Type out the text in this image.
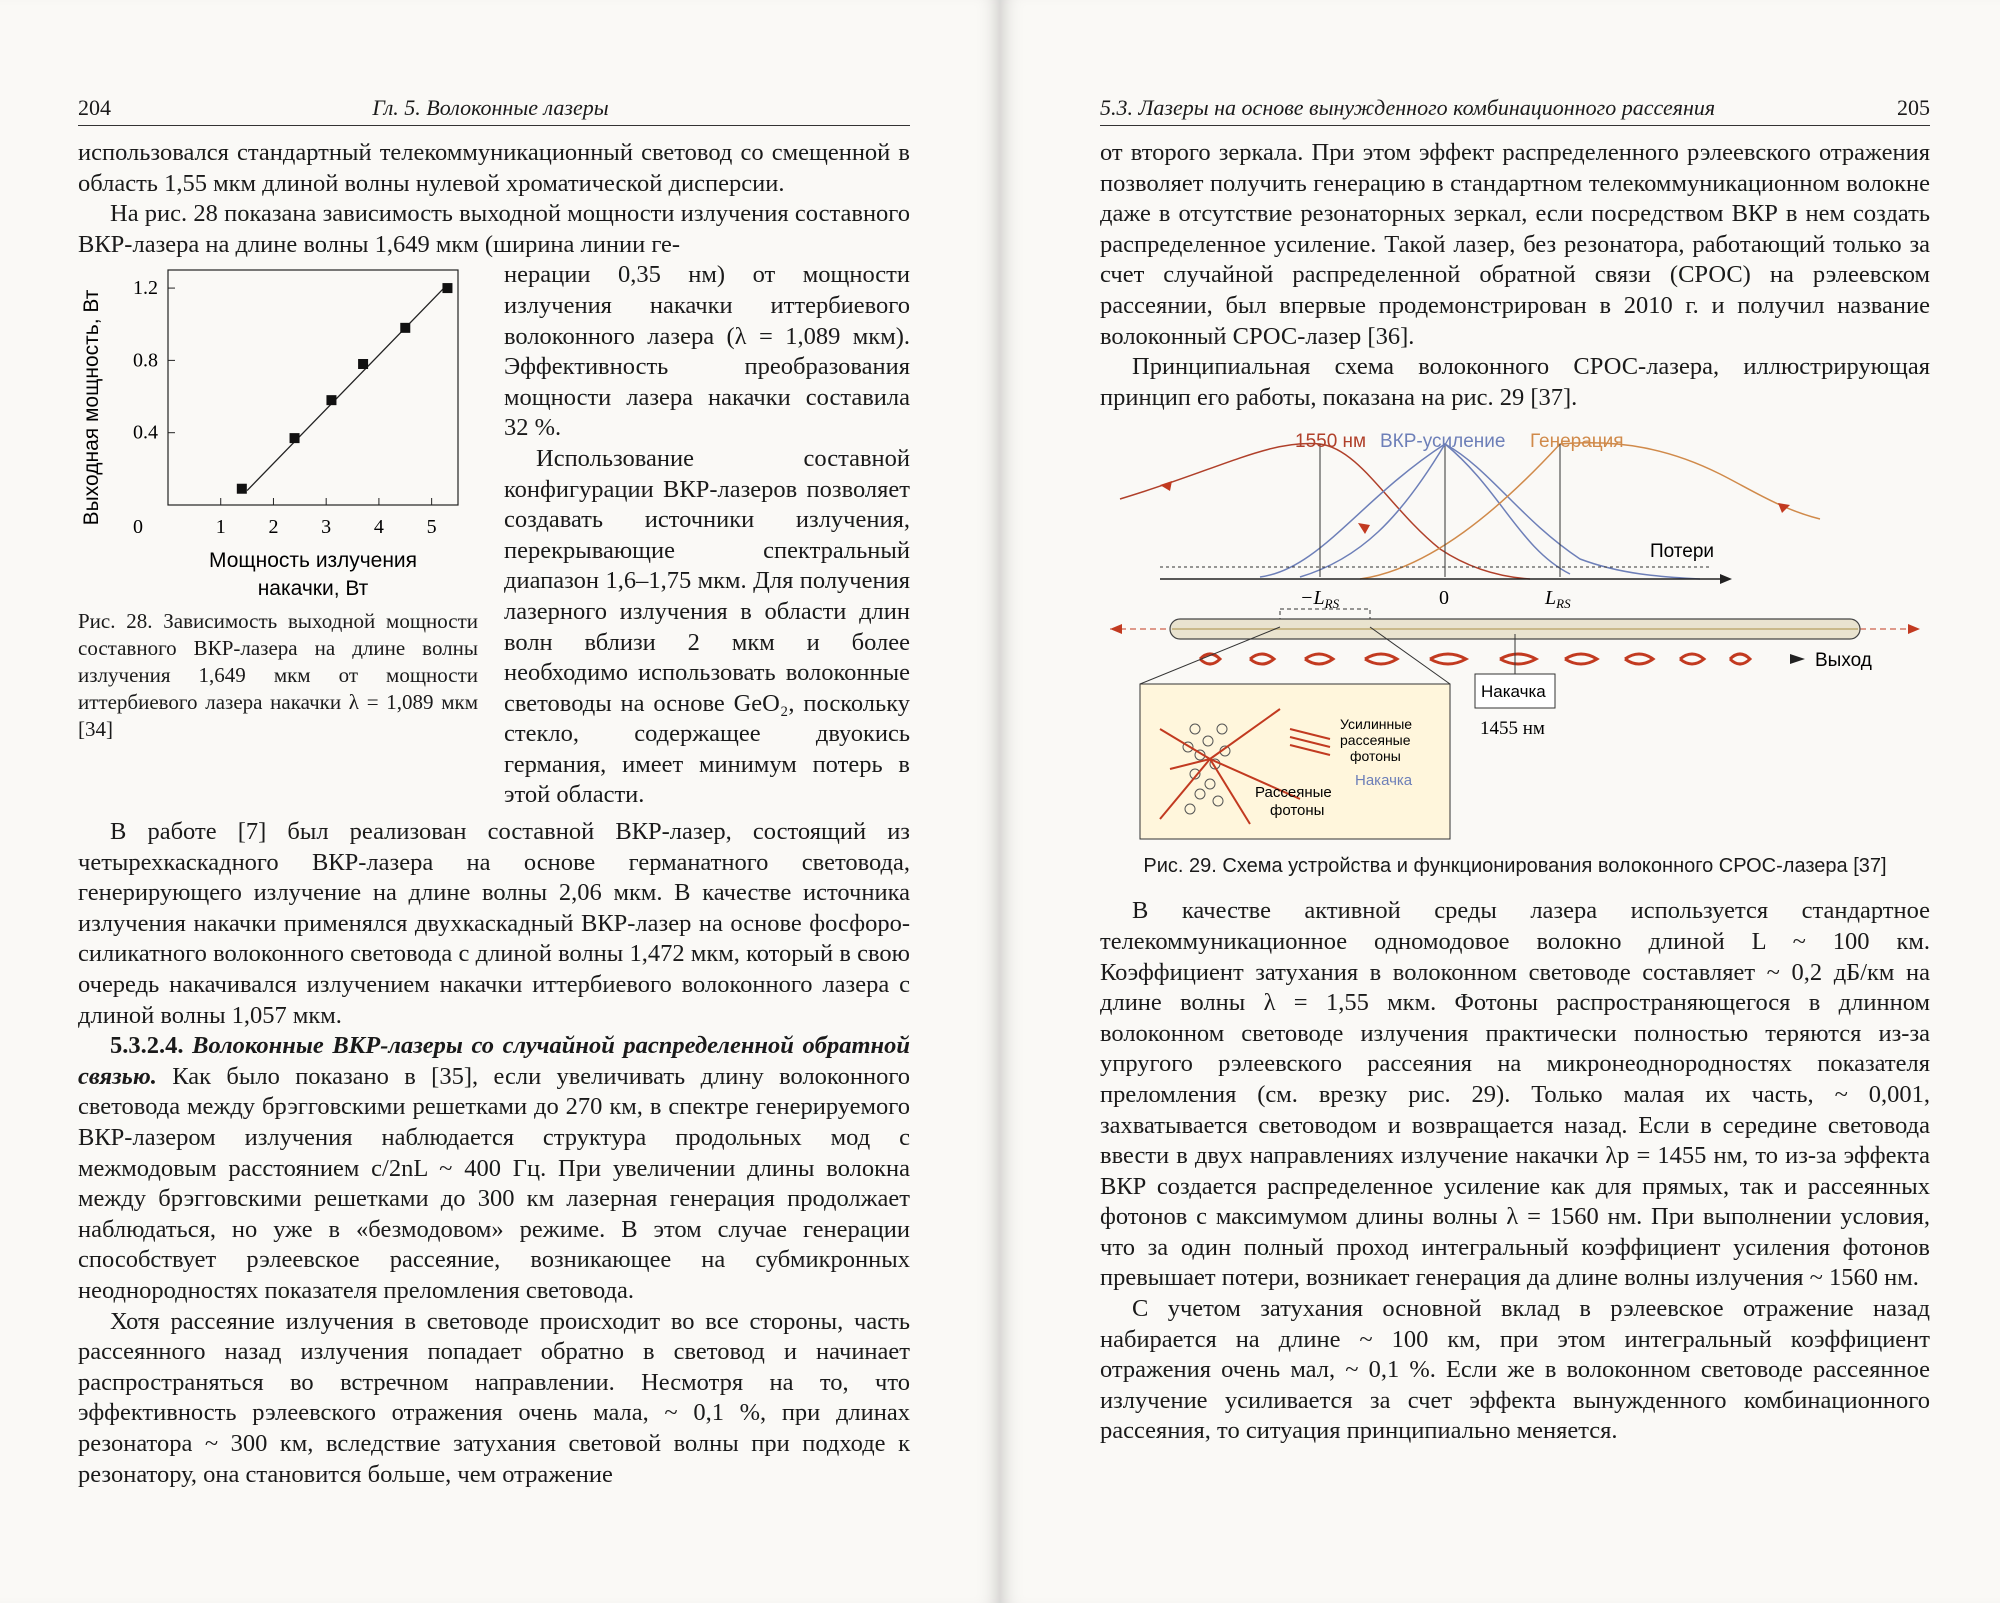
204	Гл. 5. Волоконные лазеры

использовался стандартный телекоммуникационный световод со смещенной в область 1,55 мкм длиной волны нулевой хроматической дисперсии.

На рис. 28 показана зависимость выходной мощности излучения составного ВКР-лазера на длине волны 1,649 мкм (ширина линии ге-

0.4
0.8
1.2
0	1 2 3 4 5
Мощность излучения
накачки, Вт
Выходная мощность, Вт
Рис. 28. Зависимость выходной мощности составного ВКР-лазера на длине волны излучения 1,649 мкм от мощности иттербиевого лазера накачки λ = 1,089 мкм [34]

нерации 0,35 нм) от мощности излучения накачки иттербиевого волоконного лазера (λ = 1,089 мкм). Эффективность преобразования мощности лазера накачки составила 32 %.

Использование составной конфигурации ВКР-лазеров позволяет создавать источники излучения, перекрывающие спектральный диапазон 1,6–1,75 мкм. Для получения лазерного излучения в области длин волн вблизи 2 мкм и более необходимо использовать волоконные световоды на основе GeO₂, поскольку стекло, содержащее двуокись германия, имеет минимум потерь в этой области.

В работе [7] был реализован составной ВКР-лазер, состоящий из четырехкаскадного ВКР-лазера на основе германатного световода, генерирующего излучение на длине волны 2,06 мкм. В качестве источника излучения накачки применялся двухкаскадный ВКР-лазер на основе фосфоро-силикатного волоконного световода с длиной волны 1,472 мкм, который в свою очередь накачивался излучением накачки иттербиевого волоконного лазера с длиной волны 1,057 мкм.

5.3.2.4. Волоконные ВКР-лазеры со случайной распределенной обратной связью. Как было показано в [35], если увеличивать длину волоконного световода между брэгговскими решетками до 270 км, в спектре генерируемого ВКР-лазером излучения наблюдается структура продольных мод с межмодовым расстоянием c/2nL ~ 400 Гц. При увеличении длины волокна между брэгговскими решетками до 300 км лазерная генерация продолжает наблюдаться, но уже в «безмодовом» режиме. В этом случае генерации способствует рэлеевское рассеяние, возникающее на субмикронных неоднородностях показателя преломления световода.

Хотя рассеяние излучения в световоде происходит во все стороны, часть рассеянного назад излучения попадает обратно в световод и начинает распространяться во встречном направлении. Несмотря на то, что эффективность рэлеевского отражения очень мала, ~ 0,1 %, при длинах резонатора ~ 300 км, вследствие затухания световой волны при подходе к резонатору, она становится больше, чем отражение

5.3. Лазеры на основе вынужденного комбинационного рассеяния	205

от второго зеркала. При этом эффект распределенного рэлеевского отражения позволяет получить генерацию в стандартном телекоммуникационном волокне даже в отсутствие резонаторных зеркал, если посредством ВКР в нем создать распределенное усиление. Такой лазер, без резонатора, работающий только за счет случайной распределенной обратной связи (СРОС) на рэлеевском рассеянии, был впервые продемонстрирован в 2010 г. и получил название волоконный СРОС-лазер [36].

Принципиальная схема волоконного СРОС-лазера, иллюстрирующая принцип его работы, показана на рис. 29 [37].

1550 нм ВКР-усиление Генерация
Потери
$-L_{RS}$	0	$L_{RS}$
Выход
Накачка
1455 нм
Усилинные
рассеяные
фотоны
Накачка
Рассеяные
фотоны
Рис. 29. Схема устройства и функционирования волоконного СРОС-лазера [37]

В качестве активной среды лазера используется стандартное телекоммуникационное одномодовое волокно длиной L ~ 100 км. Коэффициент затухания в волоконном световоде составляет ~ 0,2 дБ/км на длине волны λ = 1,55 мкм. Фотоны распространяющегося в длинном волоконном световоде излучения практически полностью теряются из-за упругого рэлеевского рассеяния на микронеоднородностях показателя преломления (см. врезку рис. 29). Только малая их часть, ~ 0,001, захватывается световодом и возвращается назад. Если в середине световода ввести в двух направлениях излучение накачки λp = 1455 нм, то из-за эффекта ВКР создается распределенное усиление как для прямых, так и рассеянных фотонов с максимумом длины волны λ = 1560 нм. При выполнении условия, что за один полный проход интегральный коэффициент усиления фотонов превышает потери, возникает генерация да длине волны излучения ~ 1560 нм.

С учетом затухания основной вклад в рэлеевское отражение назад набирается на длине ~ 100 км, при этом интегральный коэффициент отражения очень мал, ~ 0,1 %. Если же в волоконном световоде рассеянное излучение усиливается за счет эффекта вынужденного комбинационного рассеяния, то ситуация принципиально меняется.
